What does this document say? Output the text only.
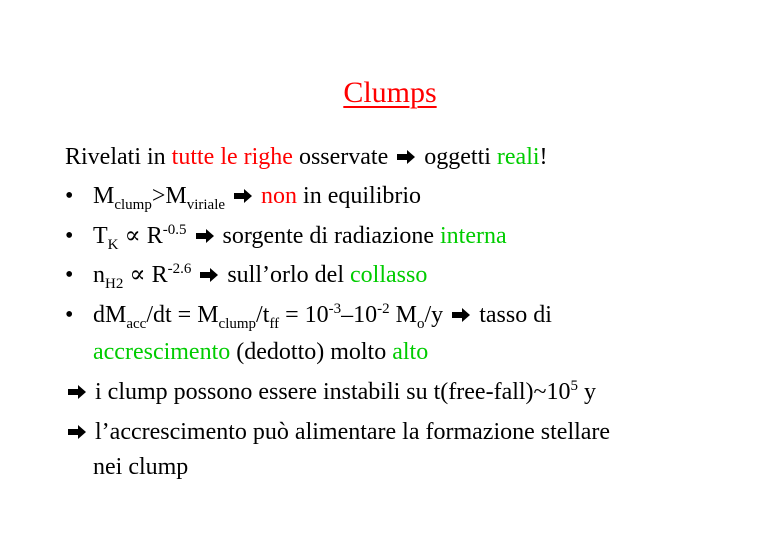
Clumps
Rivelati in tutte le righe osservate  oggetti reali!
• $M_{clump}>M_{viriale}$ non in equilibrio
• $T_K \propto R^{-0.5}$  sorgente di radiazione interna
• $n_{H2} \propto R^{-2.6}$  sull’orlo del collasso
• $dM_{acc}/dt = M_{clump}/t_{ff} = 10^{-3}-10^{-2}$ $M_o/y$  tasso di
accrescimento (dedotto) molto alto
i clump possono essere instabili su $t(free-fall)\sim 10^5$ y
l’accrescimento può alimentare la formazione stellare
nei clump
